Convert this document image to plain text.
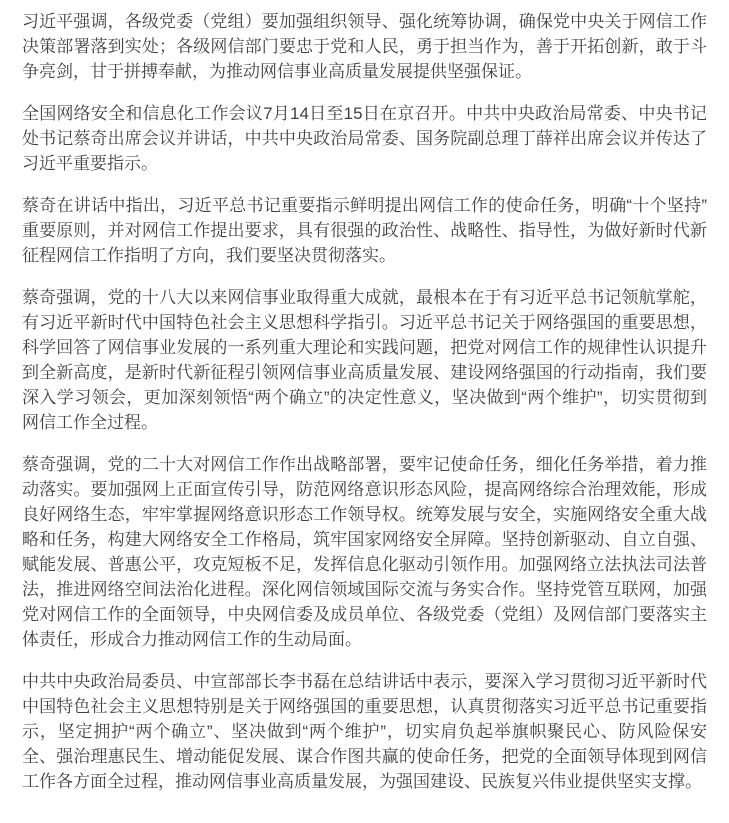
习近平强调，各级党委（党组）要加强组织领导、强化统筹协调，确保党中央关于网信工作决策部署落到实处；各级网信部门要忠于党和人民，勇于担当作为，善于开拓创新，敢于斗争亮剑，甘于拼搏奉献，为推动网信事业高质量发展提供坚强保证。

全国网络安全和信息化工作会议7月14日至15日在京召开。中共中央政治局常委、中央书记处书记蔡奇出席会议并讲话，中共中央政治局常委、国务院副总理丁薛祥出席会议并传达了习近平重要指示。

蔡奇在讲话中指出，习近平总书记重要指示鲜明提出网信工作的使命任务，明确“十个坚持”重要原则，并对网信工作提出要求，具有很强的政治性、战略性、指导性，为做好新时代新征程网信工作指明了方向，我们要坚决贯彻落实。

蔡奇强调，党的十八大以来网信事业取得重大成就，最根本在于有习近平总书记领航掌舵，有习近平新时代中国特色社会主义思想科学指引。习近平总书记关于网络强国的重要思想，科学回答了网信事业发展的一系列重大理论和实践问题，把党对网信工作的规律性认识提升到全新高度，是新时代新征程引领网信事业高质量发展、建设网络强国的行动指南，我们要深入学习领会，更加深刻领悟“两个确立”的决定性意义，坚决做到“两个维护”，切实贯彻到网信工作全过程。

蔡奇强调，党的二十大对网信工作作出战略部署，要牢记使命任务，细化任务举措，着力推动落实。要加强网上正面宣传引导，防范网络意识形态风险，提高网络综合治理效能，形成良好网络生态，牢牢掌握网络意识形态工作领导权。统筹发展与安全，实施网络安全重大战略和任务，构建大网络安全工作格局，筑牢国家网络安全屏障。坚持创新驱动、自立自强、赋能发展、普惠公平，攻克短板不足，发挥信息化驱动引领作用。加强网络立法执法司法普法，推进网络空间法治化进程。深化网信领域国际交流与务实合作。坚持党管互联网，加强党对网信工作的全面领导，中央网信委及成员单位、各级党委（党组）及网信部门要落实主体责任，形成合力推动网信工作的生动局面。

中共中央政治局委员、中宣部部长李书磊在总结讲话中表示，要深入学习贯彻习近平新时代中国特色社会主义思想特别是关于网络强国的重要思想，认真贯彻落实习近平总书记重要指示，坚定拥护“两个确立”、坚决做到“两个维护”，切实肩负起举旗帜聚民心、防风险保安全、强治理惠民生、增动能促发展、谋合作图共赢的使命任务，把党的全面领导体现到网信工作各方面全过程，推动网信事业高质量发展，为强国建设、民族复兴伟业提供坚实支撑。
